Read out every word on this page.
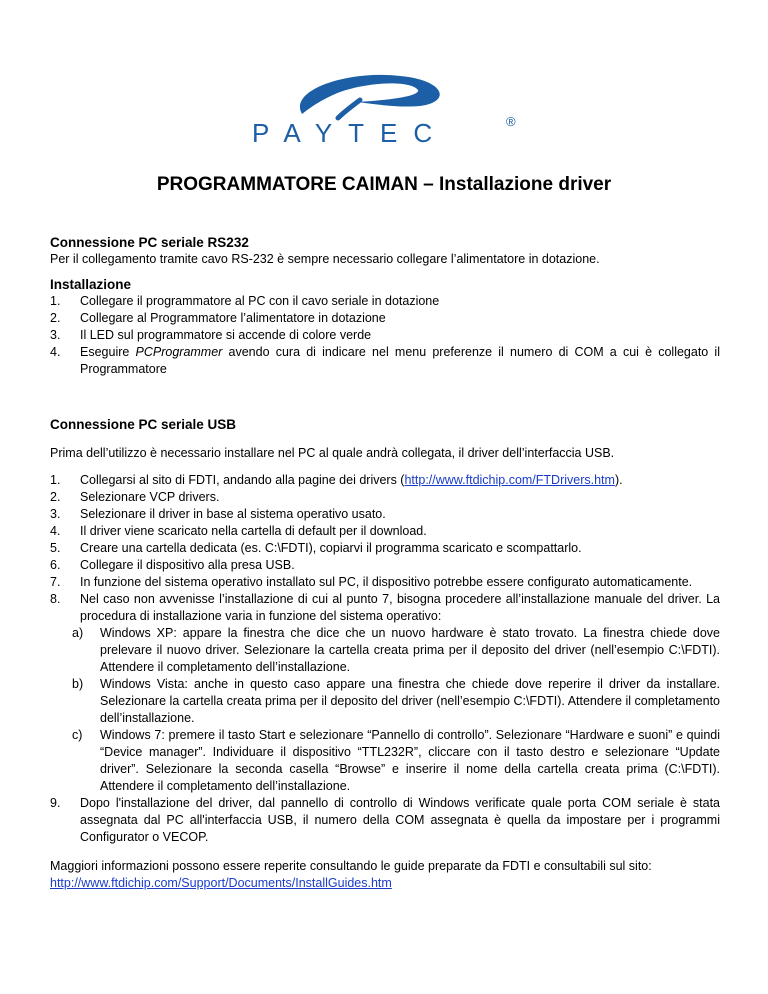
PAYTEC	®
PROGRAMMATORE CAIMAN – Installazione driver
Connessione PC seriale RS232

Per il collegamento tramite cavo RS-232 è sempre necessario collegare l’alimentatore in dotazione.

Installazione
1. Collegare il programmatore al PC con il cavo seriale in dotazione
2. Collegare al Programmatore l’alimentatore in dotazione
3. Il LED sul programmatore si accende di colore verde
4. Eseguire PCProgrammer avendo cura di indicare nel menu preferenze il numero di COM a cui è collegato il Programmatore
Connessione PC seriale USB

Prima dell’utilizzo è necessario installare nel PC al quale andrà collegata, il driver dell’interfaccia USB.

1. Collegarsi al sito di FDTI, andando alla pagine dei drivers (http://www.ftdichip.com/FTDrivers.htm).
2. Selezionare VCP drivers.
3. Selezionare il driver in base al sistema operativo usato.
4. Il driver viene scaricato nella cartella di default per il download.
5. Creare una cartella dedicata (es. C:\FDTI), copiarvi il programma scaricato e scompattarlo.
6. Collegare il dispositivo alla presa USB.
7. In funzione del sistema operativo installato sul PC, il dispositivo potrebbe essere configurato automaticamente.
8. Nel caso non avvenisse l’installazione di cui al punto 7, bisogna procedere all’installazione manuale del driver. La procedura di installazione varia in funzione del sistema operativo:
a) Windows XP: appare la finestra che dice che un nuovo hardware è stato trovato. La finestra chiede dove prelevare il nuovo driver. Selezionare la cartella creata prima per il deposito del driver (nell’esempio C:\FDTI). Attendere il completamento dell’installazione.
b) Windows Vista: anche in questo caso appare una finestra che chiede dove reperire il driver da installare. Selezionare la cartella creata prima per il deposito del driver (nell’esempio C:\FDTI). Attendere il completamento dell’installazione.
c) Windows 7: premere il tasto Start e selezionare “Pannello di controllo”. Selezionare “Hardware e suoni” e quindi “Device manager”. Individuare il dispositivo “TTL232R”, cliccare con il tasto destro e selezionare “Update driver”. Selezionare la seconda casella “Browse” e inserire il nome della cartella creata prima (C:\FDTI). Attendere il completamento dell’installazione.
9. Dopo l'installazione del driver, dal pannello di controllo di Windows verificate quale porta COM seriale è stata assegnata dal PC all'interfaccia USB, il numero della COM assegnata è quella da impostare per i programmi Configurator o VECOP.

Maggiori informazioni possono essere reperite consultando le guide preparate da FDTI e consultabili sul sito:
http://www.ftdichip.com/Support/Documents/InstallGuides.htm
